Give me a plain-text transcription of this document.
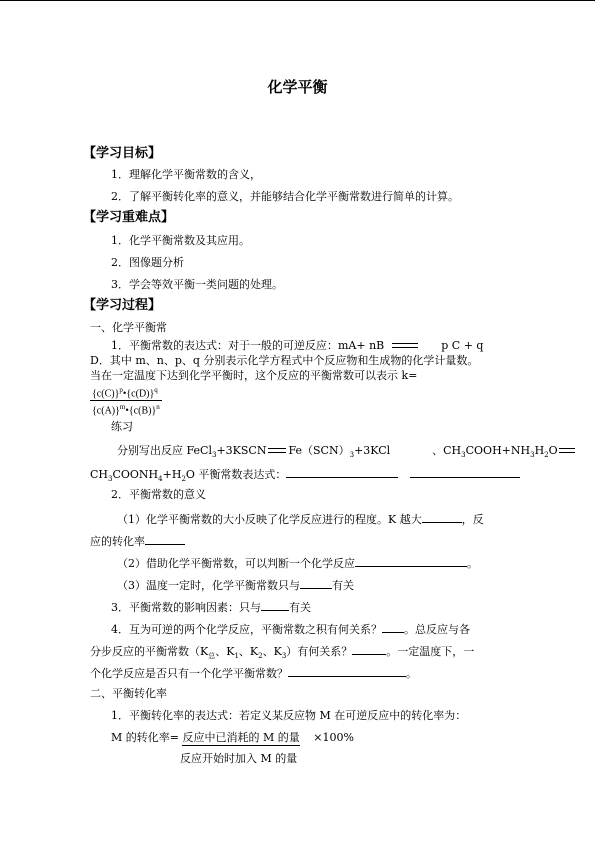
化学平衡
【学习目标】
1．理解化学平衡常数的含义，
2．了解平衡转化率的意义，并能够结合化学平衡常数进行简单的计算。
【学习重难点】
1．化学平衡常数及其应用。
2．图像题分析
3．学会等效平衡一类问题的处理。
【学习过程】
一、化学平衡常
1．平衡常数的表达式：对于一般的可逆反应：mA+ nB	p C + q
D．其中 m、n、p、q 分别表示化学方程式中个反应物和生成物的化学计量数。
当在一定温度下达到化学平衡时，这个反应的平衡常数可以表示 k=
$\frac{\{c(C)\}^p•\{c(D)\}^q}{\{c(A)\}^m•\{c(B)\}^n}$
练习
分别写出反应 FeCl$_3$+3KSCN $Fe(SCN)_3+3KCl$	、$CH_3COOH+NH_3H_2O$
$CH_3COONH_4+H_2O$ 平衡常数表达式：
2．平衡常数的意义
（1）化学平衡常数的大小反映了化学反应进行的程度。K 越大	，反
应的转化率
（2）借助化学平衡常数，可以判断一个化学反应	。
（3）温度一定时，化学平衡常数只与	有关
3．平衡常数的影响因素：只与	有关
4．互为可逆的两个化学反应，平衡常数之积有何关系？ 。总反应与各
分步反应的平衡常数（$K_总$、$K_1$、$K_2$、$K_3$）有何关系？	。一定温度下，一
个化学反应是否只有一个化学平衡常数？	。
二、平衡转化率
1．平衡转化率的表达式：若定义某反应物 M 在可逆反应中的转化率为：
M 的转化率= 反应中已消耗的 M 的量 ×100%
反应开始时加入 M 的量
